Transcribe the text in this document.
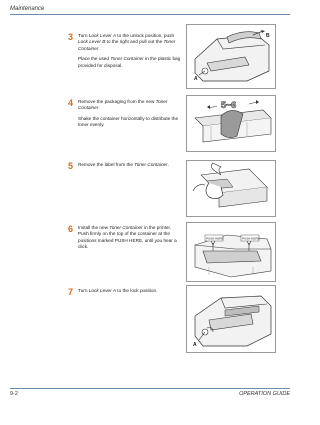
Maintenance
3 Turn Lock Lever A to the unlock position, push Lock Lever B to the right and pull out the Toner Container.

Place the used Toner Container in the plastic bag provided for disposal.

B
A
4 Remove the packaging from the new Toner Container.

Shake the container horizontally to distribute the toner evenly.

5~6
5 Remove the label from the Toner Container.

6 Install the new Toner Container in the printer. Push firmly on the top of the container at the positions marked PUSH HERE, until you hear a click.

PUSH HERE	PUSH HERE
7 Turn Lock Lever A to the lock position.

A
9-2	OPERATION GUIDE
